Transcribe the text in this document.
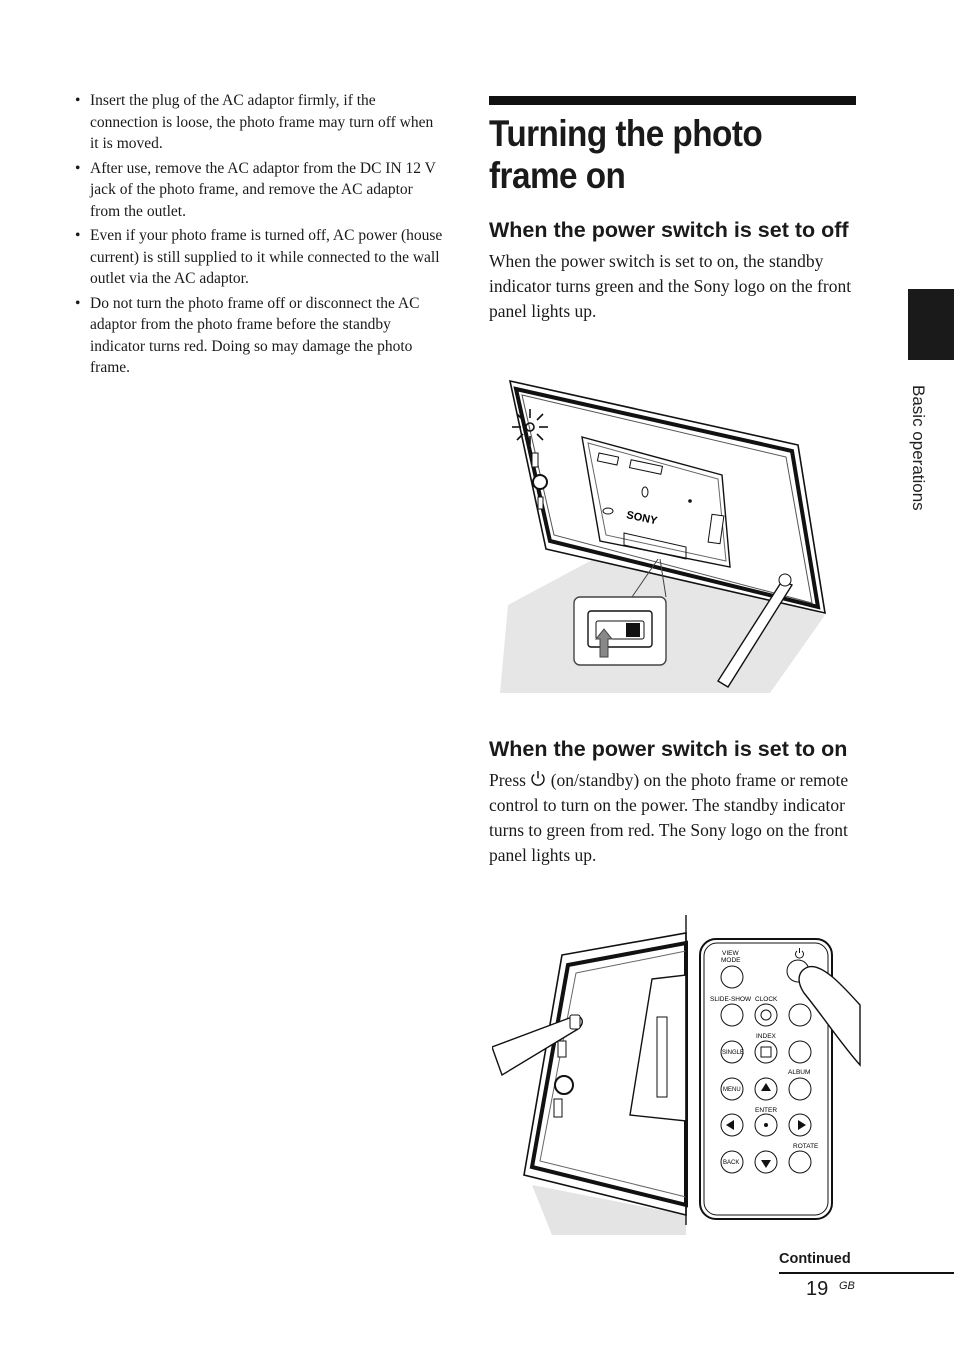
• Insert the plug of the AC adaptor firmly, if the connection is loose, the photo frame may turn off when it is moved.
• After use, remove the AC adaptor from the DC IN 12 V jack of the photo frame, and remove the AC adaptor from the outlet.
• Even if your photo frame is turned off, AC power (house current) is still supplied to it while connected to the wall outlet via the AC adaptor.
• Do not turn the photo frame off or disconnect the AC adaptor from the photo frame before the standby indicator turns red. Doing so may damage the photo frame.
Turning the photo frame on
When the power switch is set to off

When the power switch is set to on, the standby indicator turns green and the Sony logo on the front panel lights up.

SONY
When the power switch is set to on

Press  (on/standby) on the photo frame or remote control to turn on the power. The standby indicator turns to green from red. The Sony logo on the front panel lights up.

VIEW
MODE
SLIDE-SHOW CLOCK
INDEX
SINGLE
ALBUM
MENU
ENTER
ROTATE
BACK
Basic operations
Continued
19 GB
